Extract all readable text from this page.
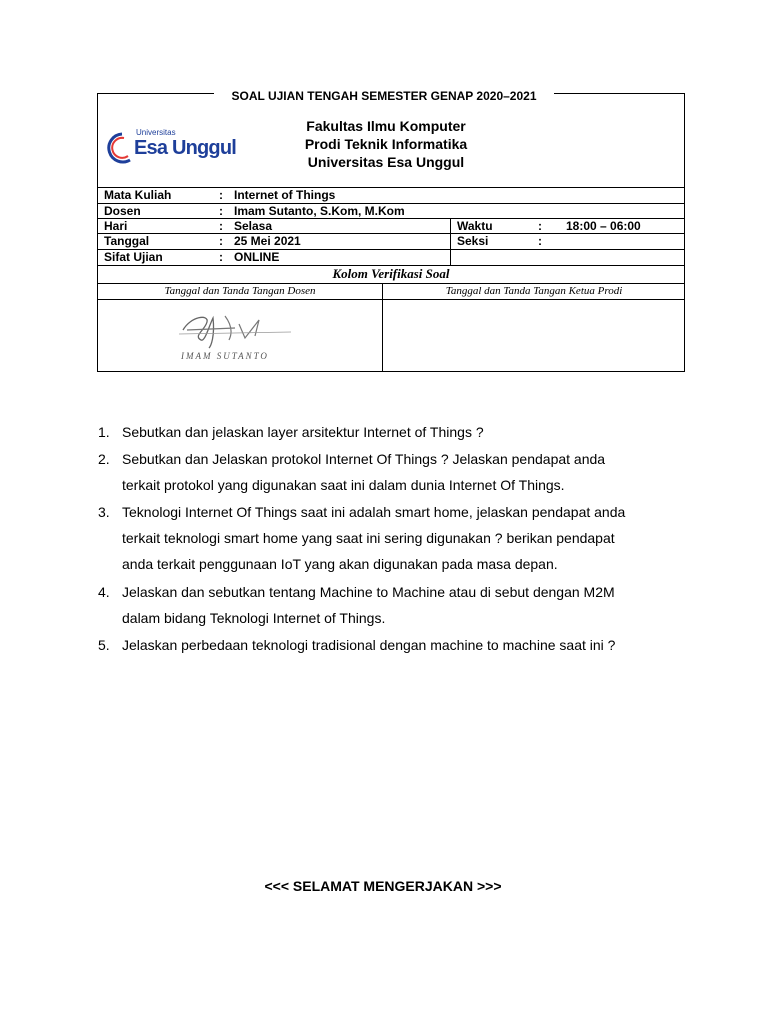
SOAL UJIAN TENGAH SEMESTER GENAP 2020–2021
Universitas
Esa Unggul
Fakultas Ilmu Komputer
Prodi Teknik Informatika
Universitas Esa Unggul
Mata Kuliah	: Internet of Things
Dosen	: Imam Sutanto, S.Kom, M.Kom
Hari	: Selasa	Waktu	: 18:00 – 06:00
Tanggal	: 25 Mei 2021	Seksi	:
Sifat Ujian	: ONLINE
Kolom Verifikasi Soal
Tanggal dan Tanda Tangan Dosen	Tanggal dan Tanda Tangan Ketua Prodi
IMAM SUTANTO
1. Sebutkan dan jelaskan layer arsitektur Internet of Things ?
2. Sebutkan dan Jelaskan protokol Internet Of Things ? Jelaskan pendapat anda
terkait protokol yang digunakan saat ini dalam dunia Internet Of Things.
3. Teknologi Internet Of Things saat ini adalah smart home, jelaskan pendapat anda
terkait teknologi smart home yang saat ini sering digunakan ? berikan pendapat
anda terkait penggunaan IoT yang akan digunakan pada masa depan.
4. Jelaskan dan sebutkan tentang Machine to Machine atau di sebut dengan M2M
dalam bidang Teknologi Internet of Things.
5. Jelaskan perbedaan teknologi tradisional dengan machine to machine saat ini ?
<<< SELAMAT MENGERJAKAN >>>
